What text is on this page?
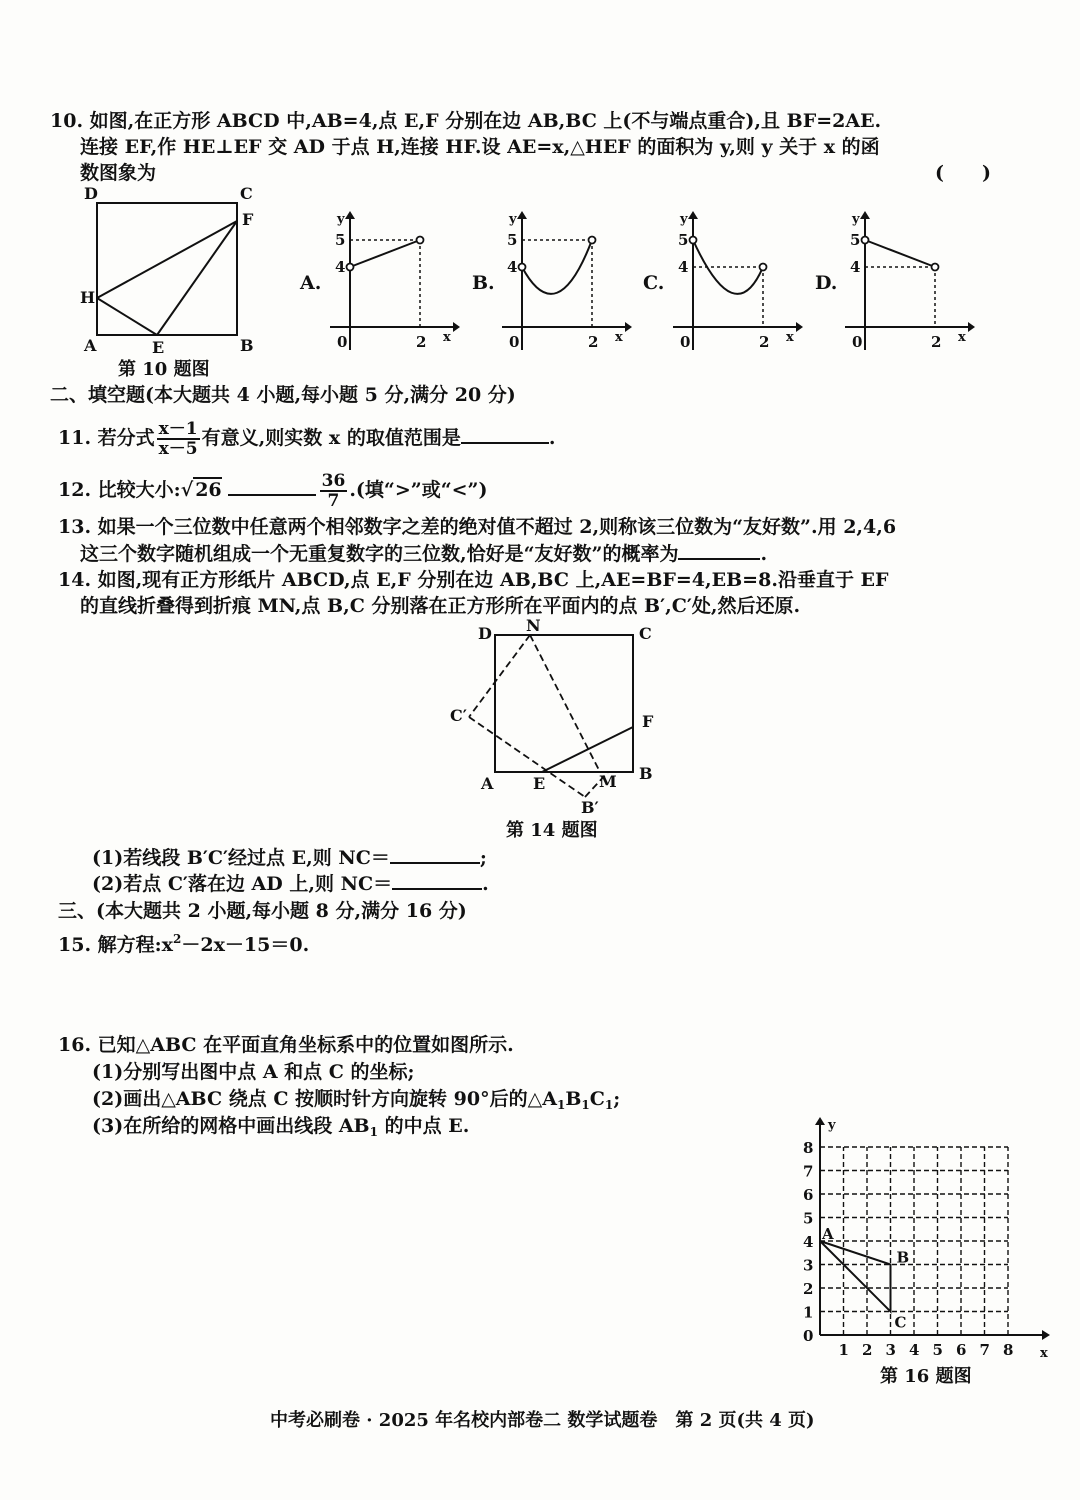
10. 如图,在正方形 ABCD 中,AB=4,点 E,F 分别在边 AB,BC 上(不与端点重合),且 BF=2AE.
连接 EF,作 HE⊥EF 交 AD 于点 H,连接 HF.设 AE=x,△HEF 的面积为 y,则 y 关于 x 的函
数图象为	(　　)
D	C
F
H
A	E	B
第 10 题图
A.	B.	C.	D.
y
x
0
5
4
2
y
x
0
5
4
2
y
x
0
5
4
2
y
x
0
5
4
2
二、填空题(本大题共 4 小题,每小题 5 分,满分 20 分)
11. 若分式 $\frac{x-1}{x-5}$ 有意义,则实数 x 的取值范围是	.
12. 比较大小:√ 26	$\frac{36}{7}$ .(填“>”或“<”)
13. 如果一个三位数中任意两个相邻数字之差的绝对值不超过 2,则称该三位数为“友好数”.用 2,4,6
这三个数字随机组成一个无重复数字的三位数,恰好是“友好数”的概率为	.
14. 如图,现有正方形纸片 ABCD,点 E,F 分别在边 AB,BC 上,AE=BF=4,EB=8.沿垂直于 EF
的直线折叠得到折痕 MN,点 B,C 分别落在正方形所在平面内的点 B′,C′处,然后还原.
D N	C
C′	F
A E	M B
B′
第 14 题图
(1)若线段 B′C′经过点 E,则 NC＝	;
(2)若点 C′落在边 AD 上,则 NC＝	.
三、(本大题共 2 小题,每小题 8 分,满分 16 分)
15. 解方程$:x^2-2x-15=0$.
16. 已知△ABC 在平面直角坐标系中的位置如图所示.
(1)分别写出图中点 A 和点 C 的坐标;
(2)画出△ABC 绕点 C 按顺时针方向旋转 90°后的$\triangle A_1B_1C_1$;
(3)在所给的网格中画出线段 $AB_1$ 的中点 E.	y
x
0
1
2
3
4
5
6
7
8
1 2 3 4 5 6 7 8
A
B
C
第 16 题图
中考必刷卷 · 2025 年名校内部卷二 数学试题卷　第 2 页(共 4 页)
